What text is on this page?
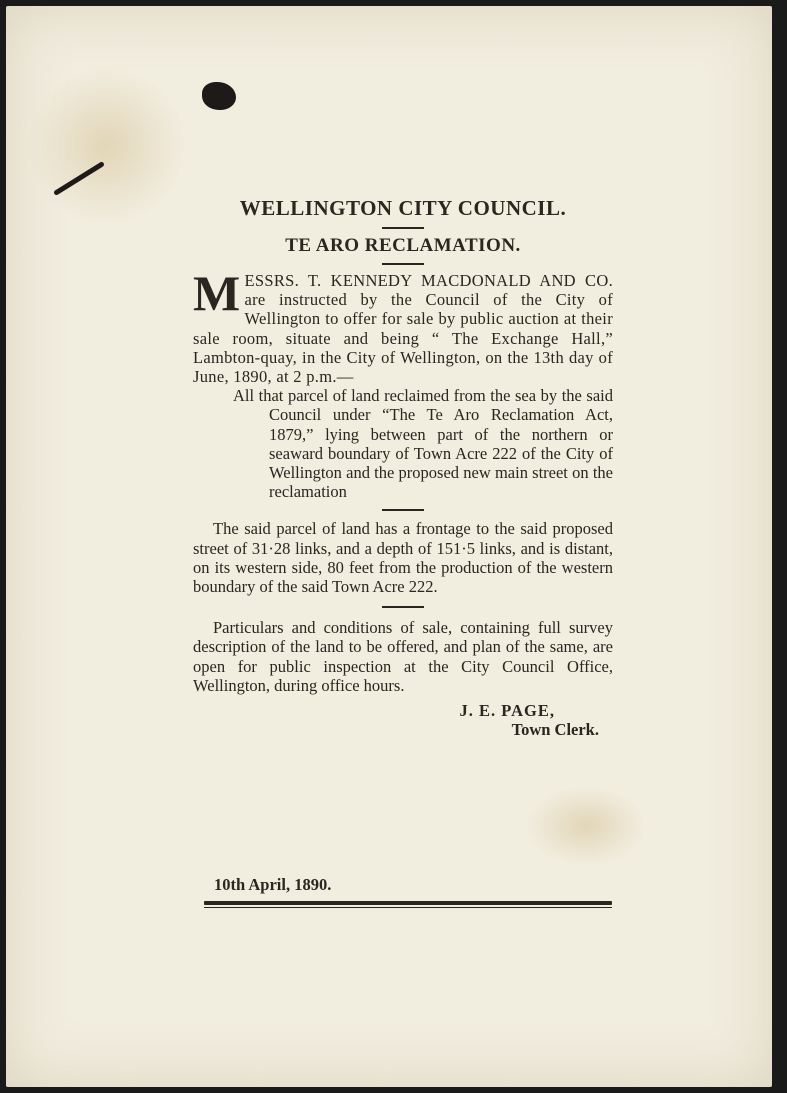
WELLINGTON CITY COUNCIL.
TE ARO RECLAMATION.

MESSRS. T. KENNEDY MACDONALD AND CO. are instructed by the Council of the City of Wellington to offer for sale by public auction at their sale room, situate and being “ The Exchange Hall,” Lambton-quay, in the City of Wellington, on the 13th day of June, 1890, at 2 p.m.—

All that parcel of land reclaimed from the sea by the said Council under “The Te Aro Reclamation Act, 1879,” lying between part of the northern or seaward boundary of Town Acre 222 of the City of Wellington and the proposed new main street on the reclamation

The said parcel of land has a frontage to the said proposed street of 31·28 links, and a depth of 151·5 links, and is distant, on its western side, 80 feet from the production of the western boundary of the said Town Acre 222.

Particulars and conditions of sale, containing full survey description of the land to be offered, and plan of the same, are open for public inspection at the City Council Office, Wellington, during office hours.

J. E. PAGE,
Town Clerk.
10th April, 1890.
